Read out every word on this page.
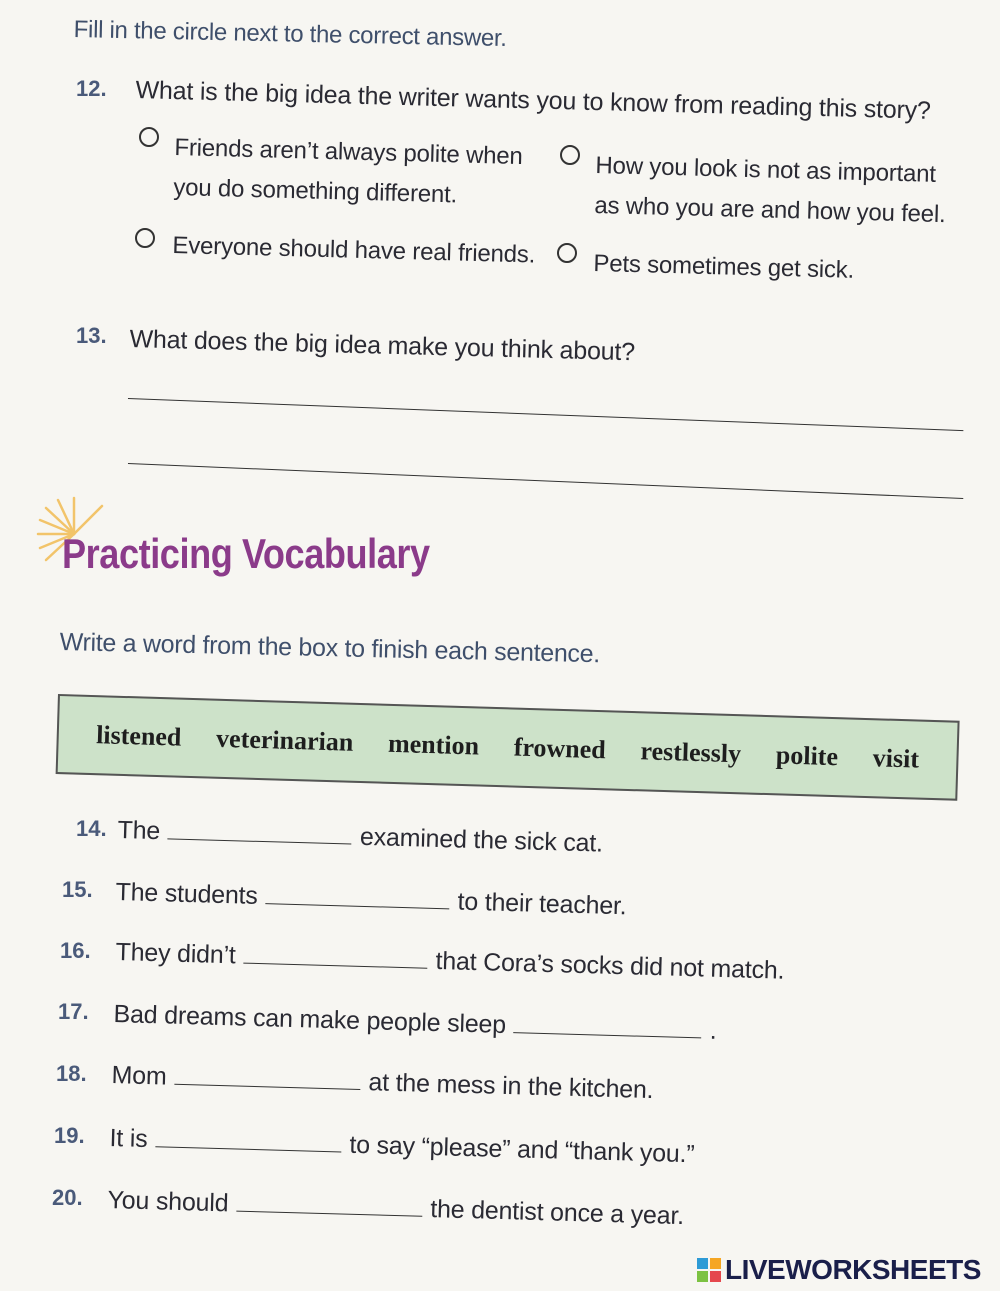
Fill in the circle next to the correct answer.
12. What is the big idea the writer wants you to know from reading this story?
Friends aren’t always polite when
you do something different.
How you look is not as important
as who you are and how you feel.
Everyone should have real friends. Pets sometimes get sick.
13. What does the big idea make you think about?
Practicing Vocabulary
Write a word from the box to finish each sentence.
listened veterinarian mention frowned restlessly polite visit
14. The	examined the sick cat.
15. The students	to their teacher.
16. They didn’t	that Cora’s socks did not match.
17. Bad dreams can make people sleep	.
18. Mom	at the mess in the kitchen.
19. It is	to say “please” and “thank you.”
20. You should	the dentist once a year.
LIVEWORKSHEETS
